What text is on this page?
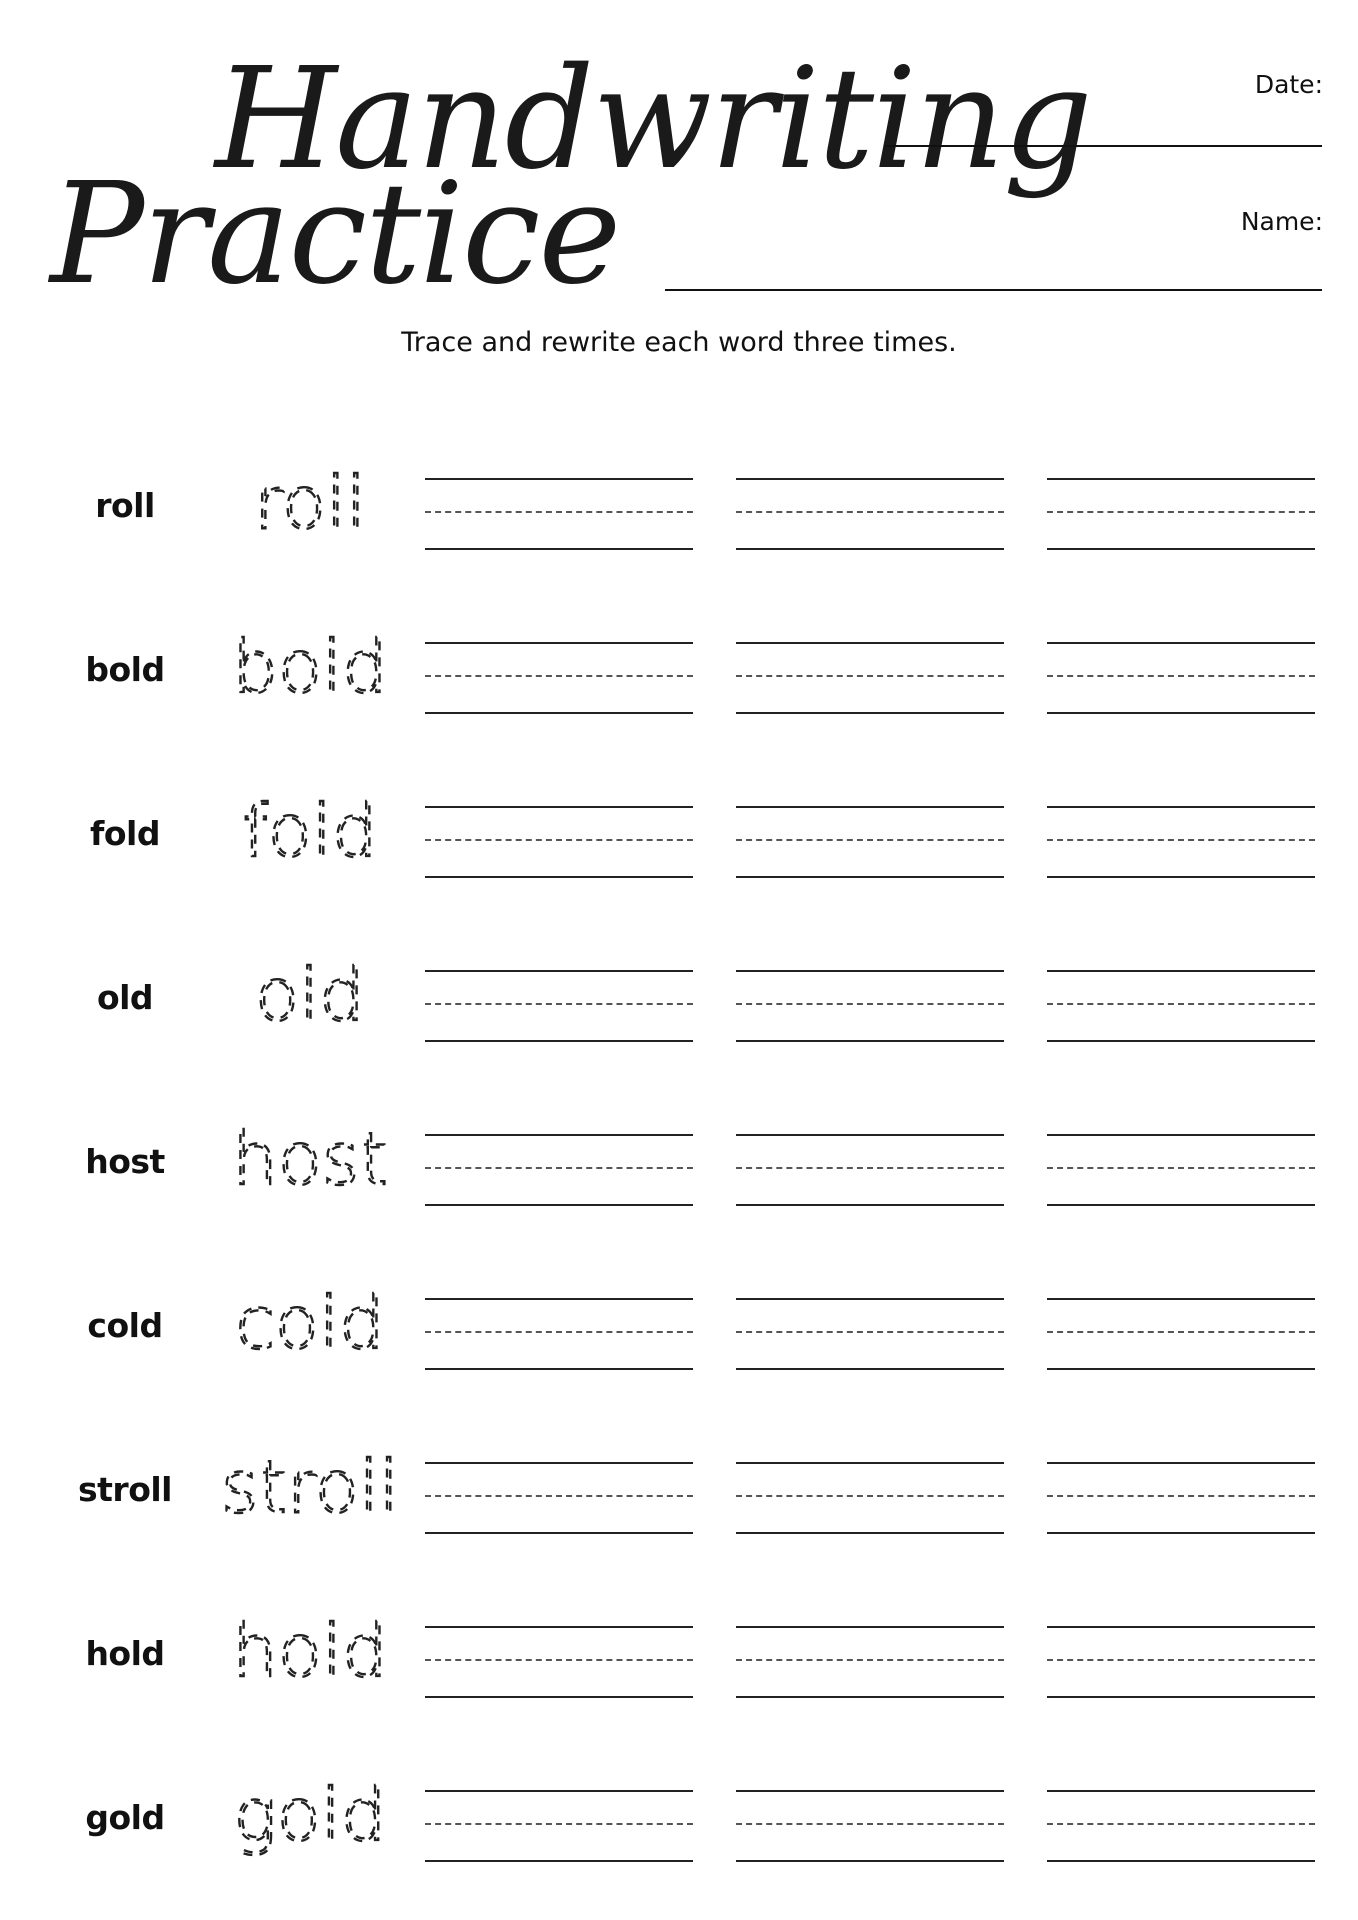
Handwriting
Practice
Date:
Name:
Trace and rewrite each word three times.
roll	roll
bold bold
fold	fold
old	old
host host
cold	cold
stroll stroll
hold hold
gold gold
